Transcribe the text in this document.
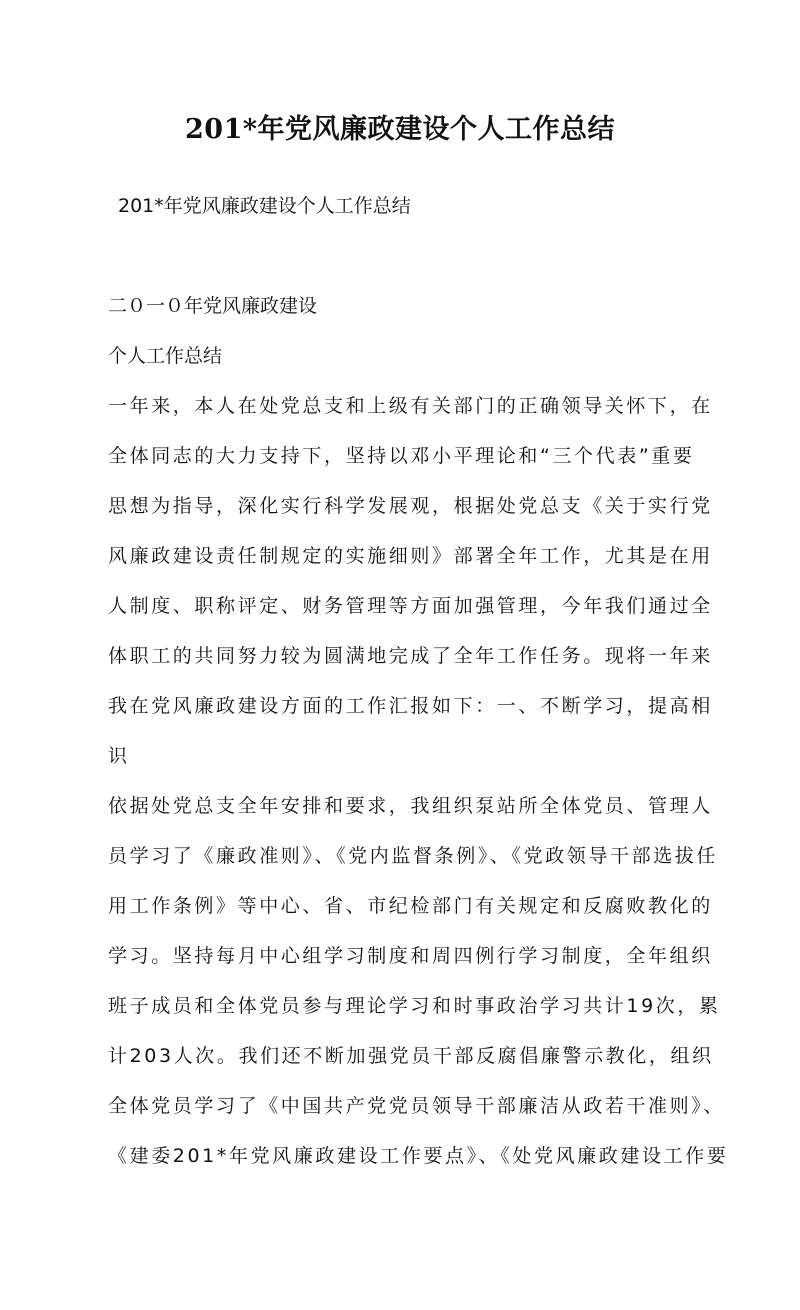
201*年党风廉政建设个人工作总结

201*年党风廉政建设个人工作总结

二０一０年党风廉政建设

个人工作总结

一年来，本人在处党总支和上级有关部门的正确领导关怀下，在

全体同志的大力支持下，坚持以邓小平理论和“三个代表”重要

思想为指导，深化实行科学发展观，根据处党总支《关于实行党

风廉政建设责任制规定的实施细则》部署全年工作，尤其是在用

人制度、职称评定、财务管理等方面加强管理，今年我们通过全

体职工的共同努力较为圆满地完成了全年工作任务。现将一年来

我在党风廉政建设方面的工作汇报如下：一、不断学习，提高相

识

依据处党总支全年安排和要求，我组织泵站所全体党员、管理人

员学习了《廉政准则》、《党内监督条例》、《党政领导干部选拔任

用工作条例》等中心、省、市纪检部门有关规定和反腐败教化的

学习。坚持每月中心组学习制度和周四例行学习制度，全年组织

班子成员和全体党员参与理论学习和时事政治学习共计19次，累

计203人次。我们还不断加强党员干部反腐倡廉警示教化，组织

全体党员学习了《中国共产党党员领导干部廉洁从政若干准则》、

《建委201*年党风廉政建设工作要点》、《处党风廉政建设工作要
